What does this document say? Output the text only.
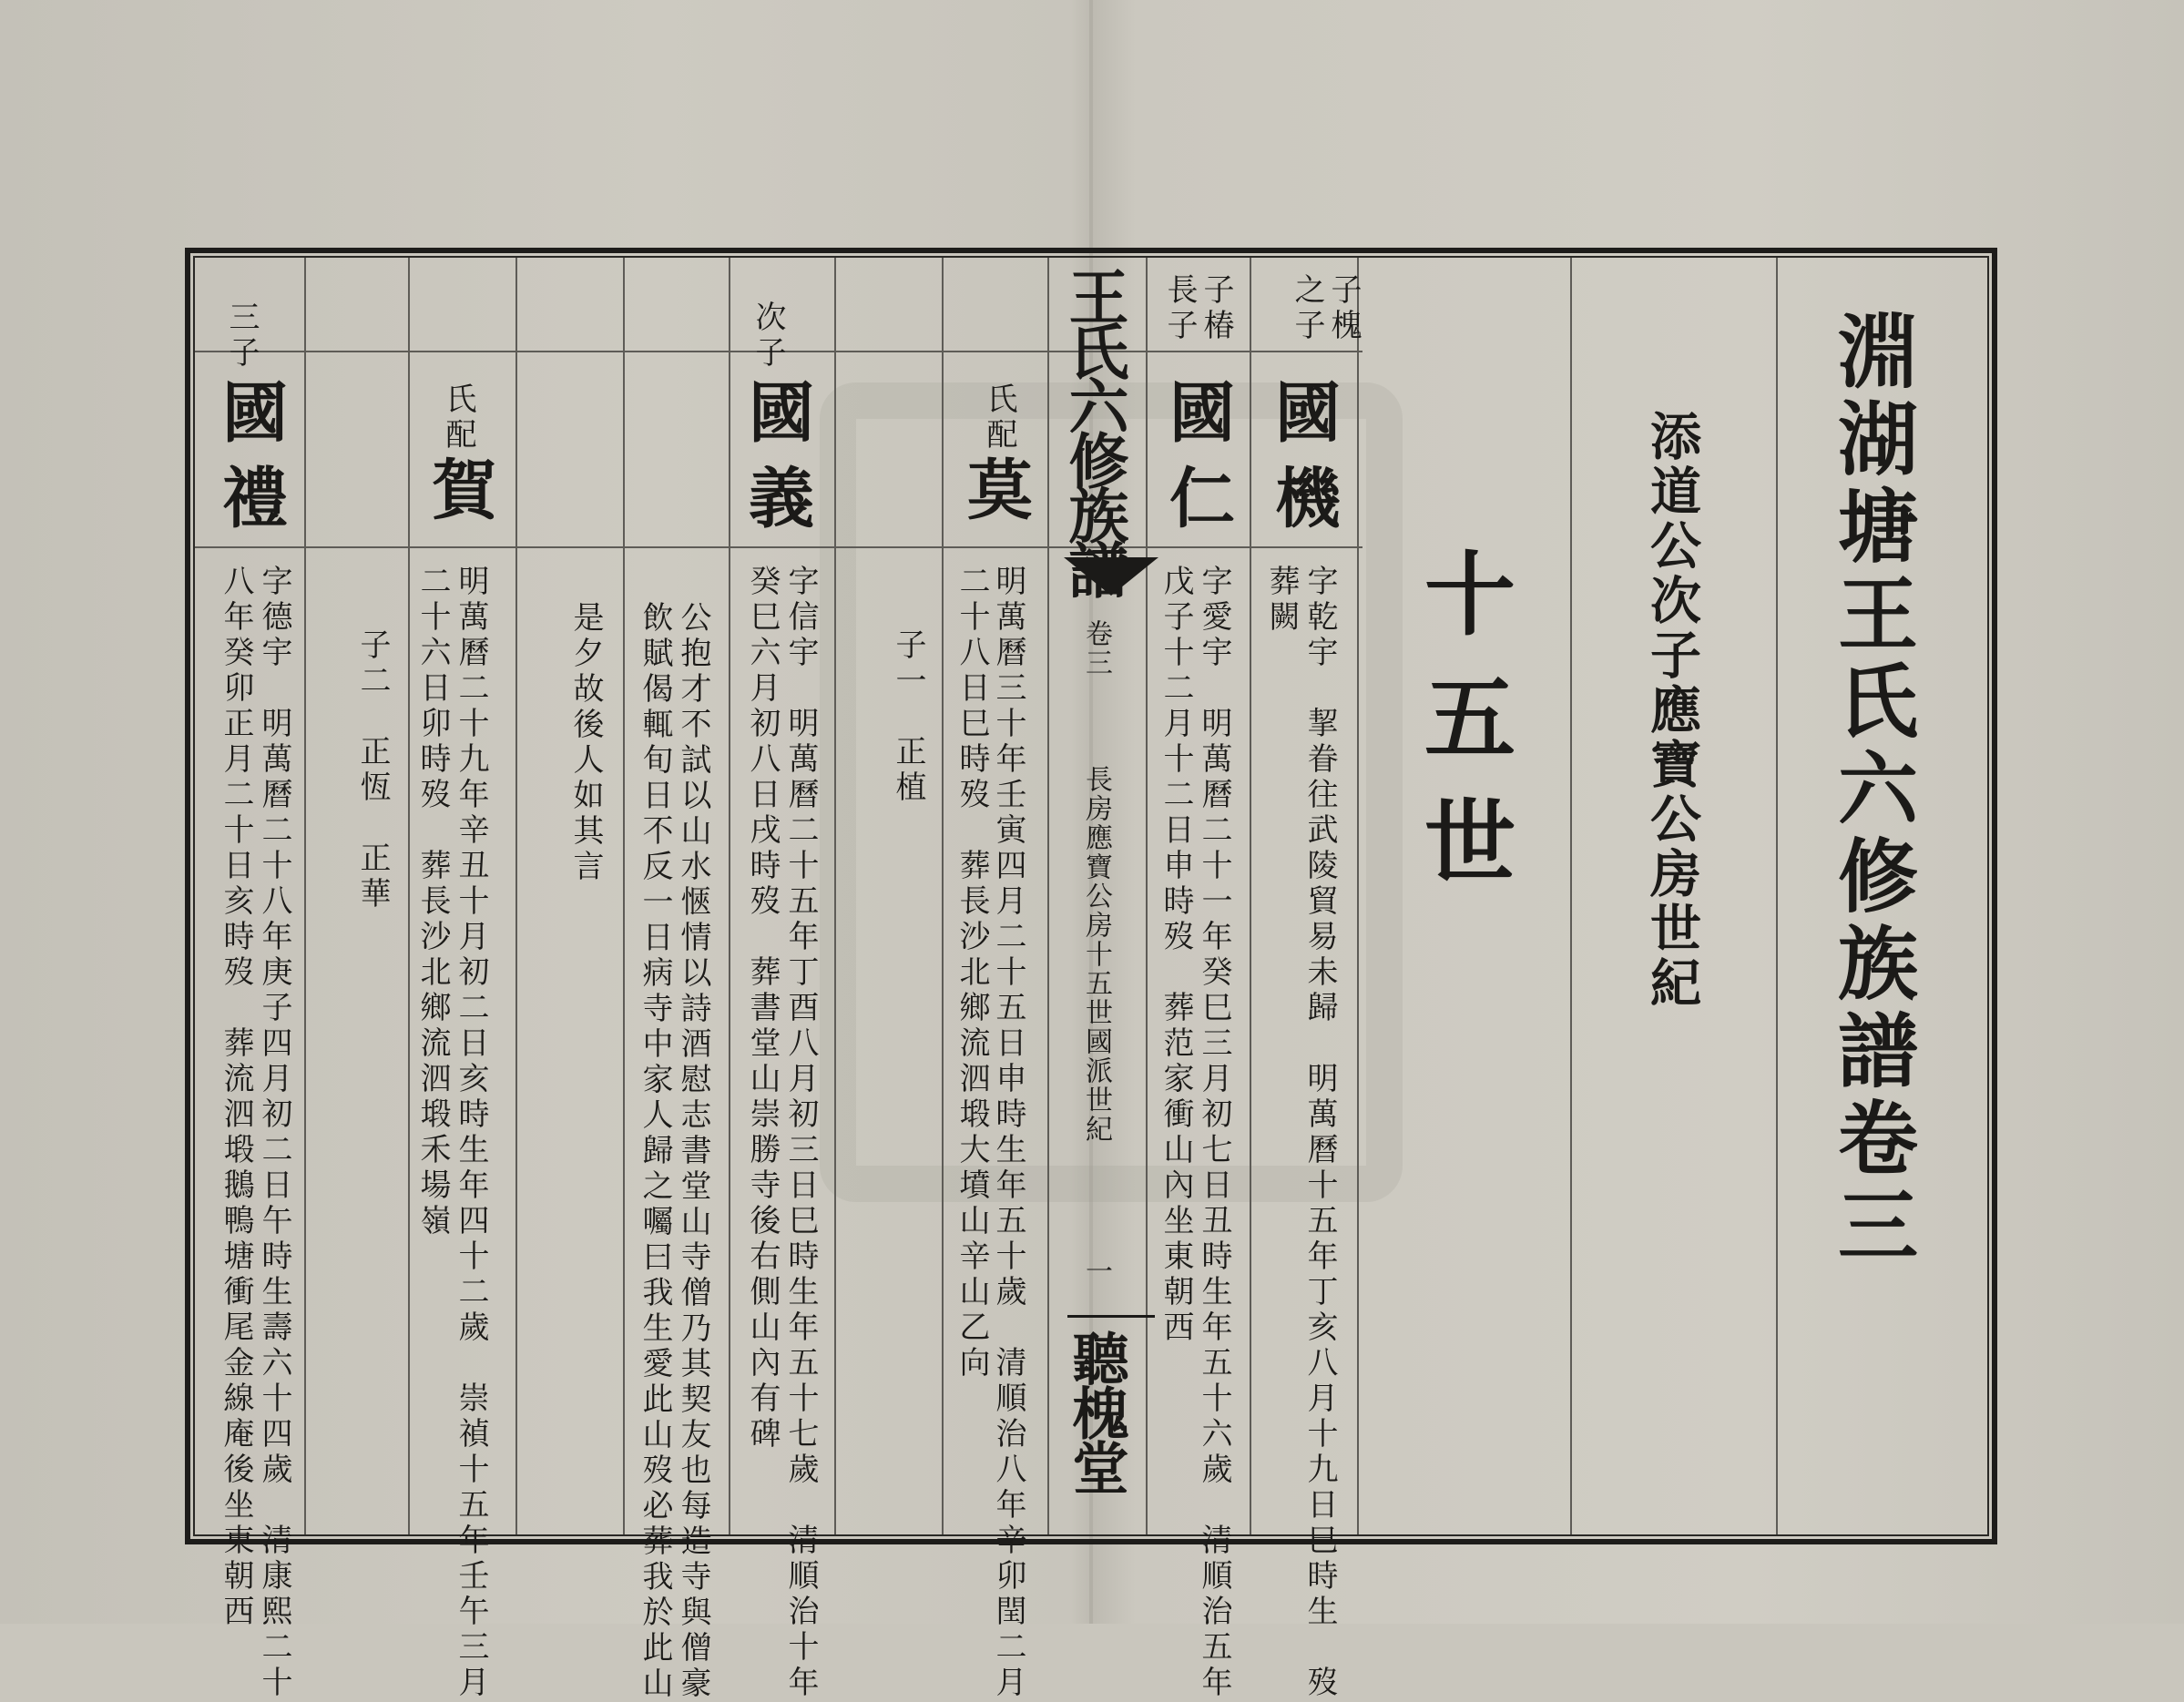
淵湖塘王氏六修族譜卷三
添道公次子應寶公房世紀
十五世
子槐
之子
國機
字乾宇　挈眷往武陵貿易未歸　明萬曆十五年丁亥八月十九日巳時生　歿
葬闕
子椿
長子
國仁
字愛宇　明萬曆二十一年癸巳三月初七日丑時生年五十六歲　清順治五年
戊子十二月十二日申時歿　葬范家衝山內坐東朝西
王氏六修族譜
卷三
長房應寶公房十五世國派世紀
一
聽槐堂
氏配
莫
明萬曆三十年壬寅四月二十五日申時生年五十歲　清順治八年辛卯閏二月
二十八日巳時歿　葬長沙北鄉流泗塅大墳山辛山乙向
子一　正植
次子
國義
字信宇　明萬曆二十五年丁酉八月初三日巳時生年五十七歲　清順治十年
癸巳六月初八日戌時歿　葬書堂山崇勝寺後右側山內有碑
公抱才不試以山水愜情以詩酒慰志書堂山寺僧乃其契友也每造寺與僧豪
飲賦偈輒旬日不反一日病寺中家人歸之囑曰我生愛此山歿必葬我於此山
是夕故後人如其言
氏配
賀
明萬曆二十九年辛丑十月初二日亥時生年四十二歲　崇禎十五年壬午三月
二十六日卯時歿　葬長沙北鄉流泗塅禾場嶺
子二　正恆　正華
三子
國禮
字德宇　明萬曆二十八年庚子四月初二日午時生壽六十四歲　清康熙二十
八年癸卯正月二十日亥時歿　葬流泗塅鵝鴨塘衝尾金線庵後坐東朝西
